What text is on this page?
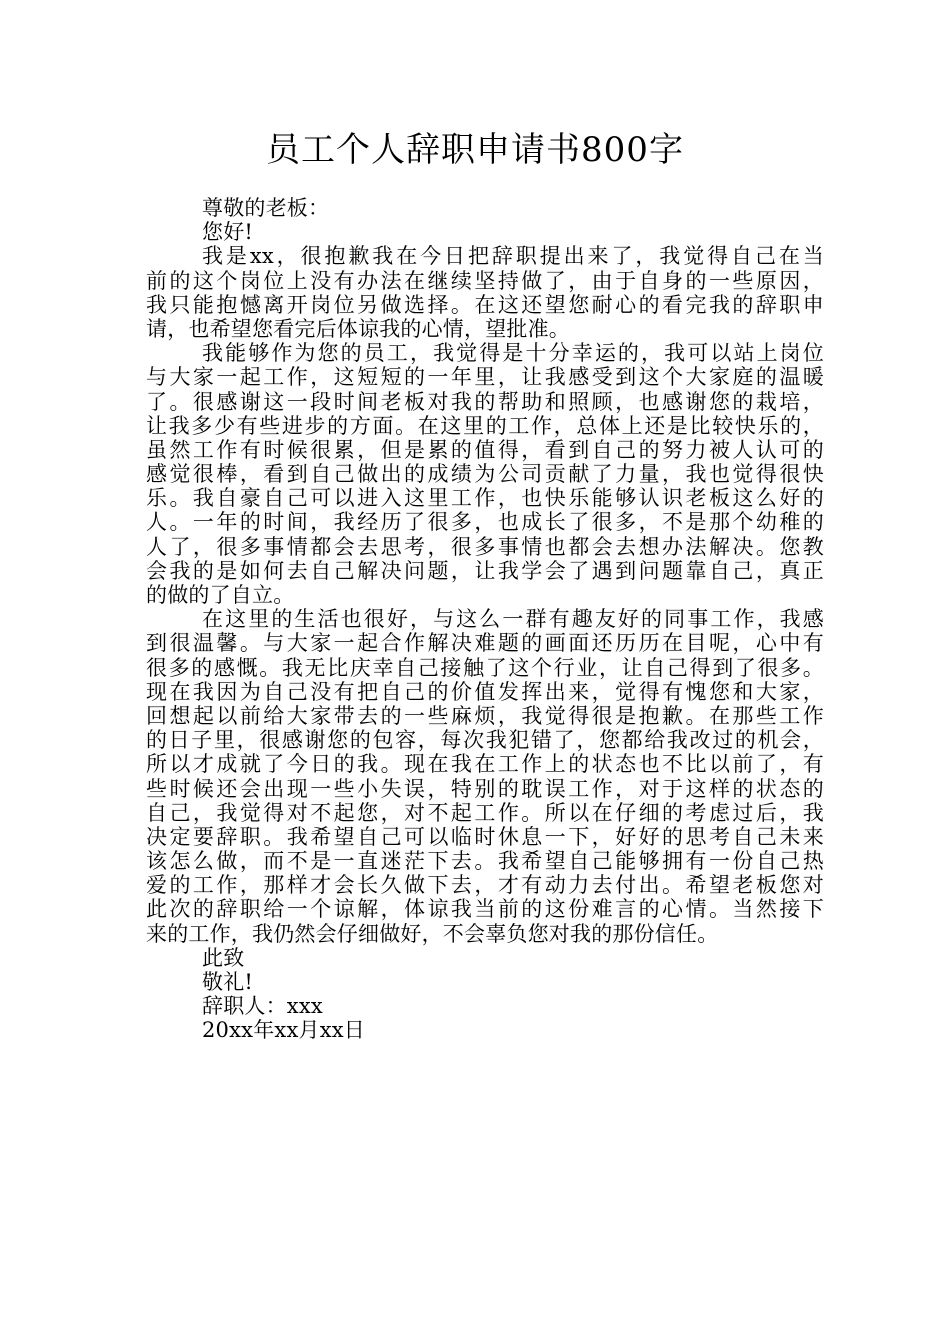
员工个人辞职申请书800字

尊敬的老板：

您好!

我是xx，很抱歉我在今日把辞职提出来了，我觉得自己在当

前的这个岗位上没有办法在继续坚持做了，由于自身的一些原因，

我只能抱憾离开岗位另做选择。在这还望您耐心的看完我的辞职申

请，也希望您看完后体谅我的心情，望批准。

我能够作为您的员工，我觉得是十分幸运的，我可以站上岗位

与大家一起工作，这短短的一年里，让我感受到这个大家庭的温暖

了。很感谢这一段时间老板对我的帮助和照顾，也感谢您的栽培，

让我多少有些进步的方面。在这里的工作，总体上还是比较快乐的，

虽然工作有时候很累，但是累的值得，看到自己的努力被人认可的

感觉很棒，看到自己做出的成绩为公司贡献了力量，我也觉得很快

乐。我自豪自己可以进入这里工作，也快乐能够认识老板这么好的

人。一年的时间，我经历了很多，也成长了很多，不是那个幼稚的

人了，很多事情都会去思考，很多事情也都会去想办法解决。您教

会我的是如何去自己解决问题，让我学会了遇到问题靠自己，真正

的做的了自立。

在这里的生活也很好，与这么一群有趣友好的同事工作，我感

到很温馨。与大家一起合作解决难题的画面还历历在目呢，心中有

很多的感慨。我无比庆幸自己接触了这个行业，让自己得到了很多。

现在我因为自己没有把自己的价值发挥出来，觉得有愧您和大家，

回想起以前给大家带去的一些麻烦，我觉得很是抱歉。在那些工作

的日子里，很感谢您的包容，每次我犯错了，您都给我改过的机会，

所以才成就了今日的我。现在我在工作上的状态也不比以前了，有

些时候还会出现一些小失误，特别的耽误工作，对于这样的状态的

自己，我觉得对不起您，对不起工作。所以在仔细的考虑过后，我

决定要辞职。我希望自己可以临时休息一下，好好的思考自己未来

该怎么做，而不是一直迷茫下去。我希望自己能够拥有一份自己热

爱的工作，那样才会长久做下去，才有动力去付出。希望老板您对

此次的辞职给一个谅解，体谅我当前的这份难言的心情。当然接下

来的工作，我仍然会仔细做好，不会辜负您对我的那份信任。

此致

敬礼!

辞职人：xxx

20xx年xx月xx日
